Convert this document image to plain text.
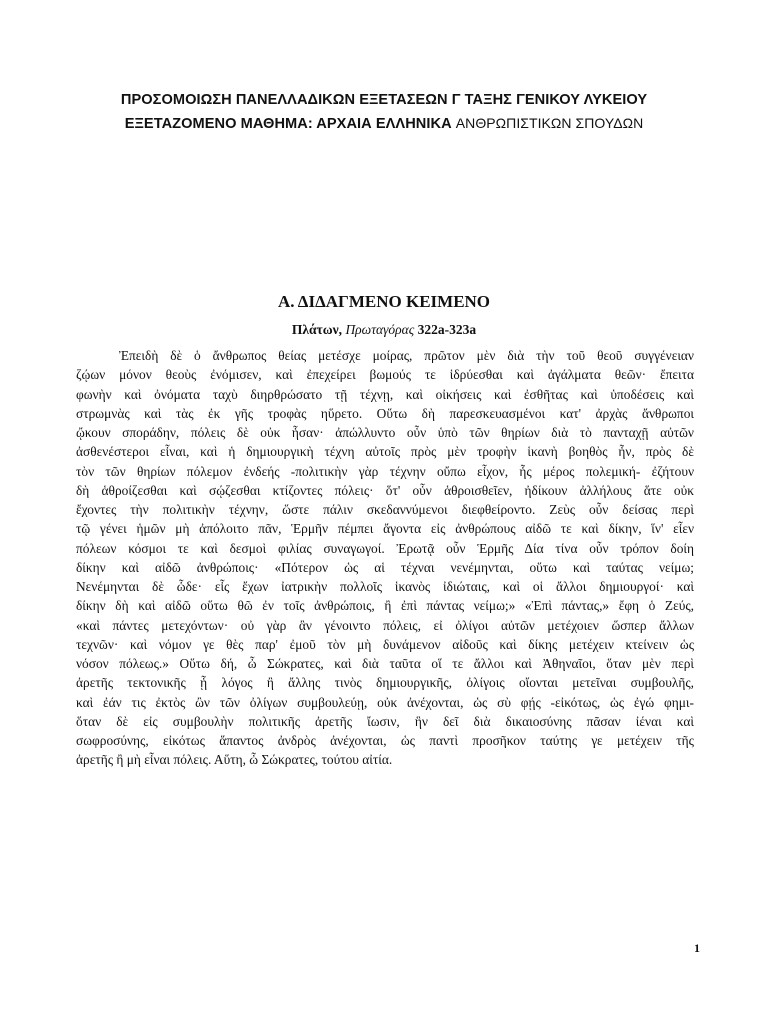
ΠΡΟΣΟΜΟΙΩΣΗ ΠΑΝΕΛΛΑΔΙΚΩΝ ΕΞΕΤΑΣΕΩΝ Γ ΤΑΞΗΣ ΓΕΝΙΚΟΥ ΛΥΚΕΙΟΥ
ΕΞΕΤΑΖΟΜΕΝΟ ΜΑΘΗΜΑ: ΑΡΧΑΙΑ ΕΛΛΗΝΙΚΑ ΑΝΘΡΩΠΙΣΤΙΚΩΝ ΣΠΟΥΔΩΝ
Α. ΔΙΔΑΓΜΕΝΟ ΚΕΙΜΕΝΟ
Πλάτων, Πρωταγόρας 322a-323a
Ἐπειδὴ δὲ ὁ ἄνθρωπος θείας μετέσχε μοίρας, πρῶτον μὲν διὰ τὴν τοῦ θεοῦ συγγένειαν
ζῴων μόνον θεοὺς ἐνόμισεν, καὶ ἐπεχείρει βωμούς τε ἱδρύεσθαι καὶ ἀγάλματα θεῶν· ἔπειτα
φωνὴν καὶ ὀνόματα ταχὺ διηρθρώσατο τῇ τέχνῃ, καὶ οἰκήσεις καὶ ἐσθῆτας καὶ ὑποδέσεις καὶ
στρωμνὰς καὶ τὰς ἐκ γῆς τροφὰς ηὕρετο. Οὕτω δὴ παρεσκευασμένοι κατ' ἀρχὰς ἄνθρωποι
ᾤκουν σποράδην, πόλεις δὲ οὐκ ἦσαν· ἀπώλλυντο οὖν ὑπὸ τῶν θηρίων διὰ τὸ πανταχῇ αὐτῶν
ἀσθενέστεροι εἶναι, καὶ ἡ δημιουργικὴ τέχνη αὐτοῖς πρὸς μὲν τροφὴν ἱκανὴ βοηθὸς ἦν, πρὸς δὲ
τὸν τῶν θηρίων πόλεμον ἐνδεής -πολιτικὴν γὰρ τέχνην οὔπω εἶχον, ἧς μέρος πολεμική- ἐζήτουν
δὴ ἁθροίζεσθαι καὶ σῴζεσθαι κτίζοντες πόλεις· ὅτ' οὖν ἁθροισθεῖεν, ἠδίκουν ἀλλήλους ἅτε οὐκ
ἔχοντες τὴν πολιτικὴν τέχνην, ὥστε πάλιν σκεδαννύμενοι διεφθείροντο. Ζεὺς οὖν δείσας περὶ
τῷ γένει ἡμῶν μὴ ἀπόλοιτο πᾶν, Ἑρμῆν πέμπει ἄγοντα εἰς ἀνθρώπους αἰδῶ τε καὶ δίκην, ἵν' εἶεν
πόλεων κόσμοι τε καὶ δεσμοὶ φιλίας συναγωγοί. Ἐρωτᾷ οὖν Ἑρμῆς Δία τίνα οὖν τρόπον δοίη
δίκην καὶ αἰδῶ ἀνθρώποις· «Πότερον ὡς αἱ τέχναι νενέμηνται, οὕτω καὶ ταύτας νείμω;
Νενέμηνται δὲ ὧδε· εἷς ἔχων ἰατρικὴν πολλοῖς ἱκανὸς ἰδιώταις, καὶ οἱ ἄλλοι δημιουργοί· καὶ
δίκην δὴ καὶ αἰδῶ οὕτω θῶ ἐν τοῖς ἀνθρώποις, ἢ ἐπὶ πάντας νείμω;» «Ἐπὶ πάντας,» ἔφη ὁ Ζεύς,
«καὶ πάντες μετεχόντων· οὐ γὰρ ἂν γένοιντο πόλεις, εἰ ὀλίγοι αὐτῶν μετέχοιεν ὥσπερ ἄλλων
τεχνῶν· καὶ νόμον γε θὲς παρ' ἐμοῦ τὸν μὴ δυνάμενον αἰδοῦς καὶ δίκης μετέχειν κτείνειν ὡς
νόσον πόλεως.» Οὕτω δή, ὦ Σώκρατες, καὶ διὰ ταῦτα οἵ τε ἄλλοι καὶ Ἀθηναῖοι, ὅταν μὲν περὶ
ἀρετῆς τεκτονικῆς ᾖ λόγος ἢ ἄλλης τινὸς δημιουργικῆς, ὀλίγοις οἴονται μετεῖναι συμβουλῆς,
καὶ ἐάν τις ἐκτὸς ὢν τῶν ὀλίγων συμβουλεύῃ, οὐκ ἀνέχονται, ὡς σὺ φῄς -εἰκότως, ὡς ἐγώ φημι-
ὅταν δὲ εἰς συμβουλὴν πολιτικῆς ἀρετῆς ἴωσιν, ἣν δεῖ διὰ δικαιοσύνης πᾶσαν ἰέναι καὶ
σωφροσύνης, εἰκότως ἅπαντος ἀνδρὸς ἀνέχονται, ὡς παντὶ προσῆκον ταύτης γε μετέχειν τῆς
ἀρετῆς ἢ μὴ εἶναι πόλεις. Αὕτη, ὦ Σώκρατες, τούτου αἰτία.
1
